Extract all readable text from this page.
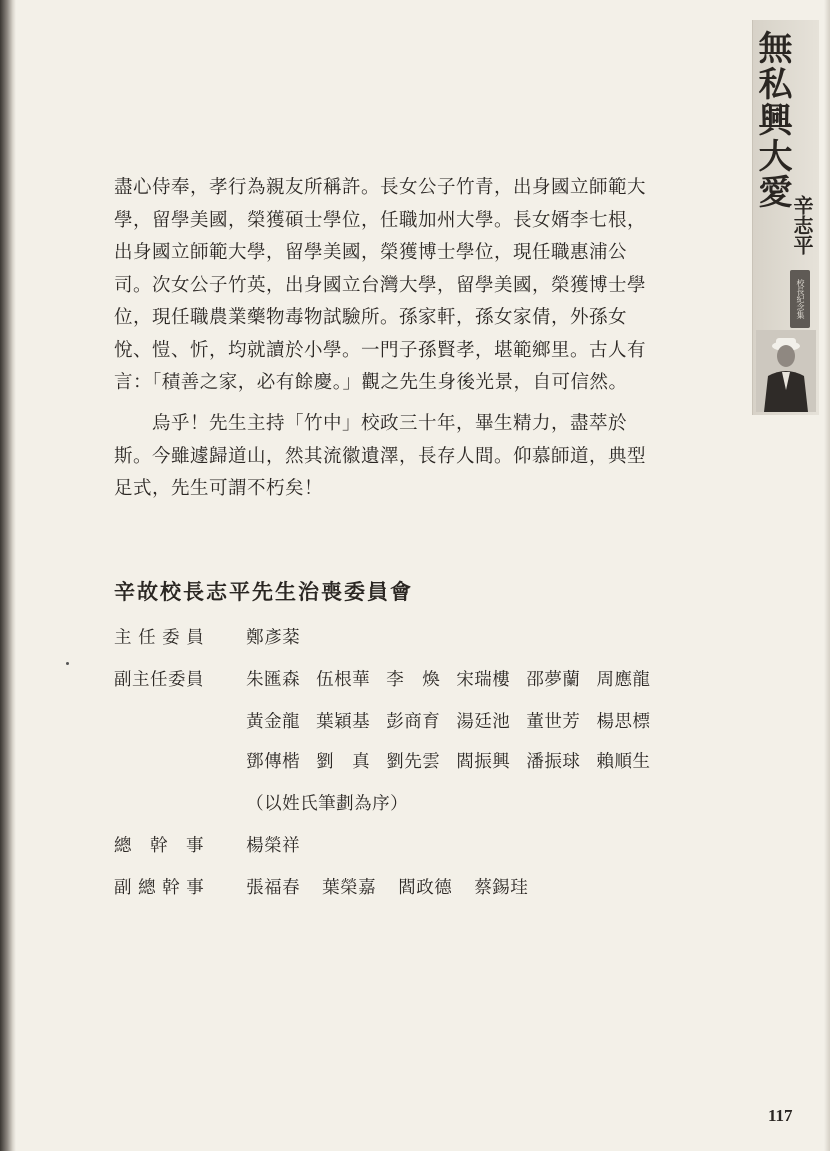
無私興大愛
辛志平
校長紀念集
盡心侍奉，孝行為親友所稱許。長女公子竹青，出身國立師範大
學，留學美國，榮獲碩士學位，任職加州大學。長女婿李七根，
出身國立師範大學，留學美國，榮獲博士學位，現任職惠浦公
司。次女公子竹英，出身國立台灣大學，留學美國，榮獲博士學
位，現任職農業藥物毒物試驗所。孫家軒，孫女家倩，外孫女
悅、愷、忻，均就讀於小學。一門子孫賢孝，堪範鄉里。古人有
言：「積善之家，必有餘慶。」觀之先生身後光景，自可信然。
　　烏乎！先生主持「竹中」校政三十年，畢生精力，盡萃於
斯。今雖遽歸道山，然其流徽遺澤，長存人間。仰慕師道，典型
足式，先生可謂不朽矣！
辛故校長志平先生治喪委員會
主 任 委 員 鄭彥棻
副主任委員 朱匯森 伍根華 李　煥 宋瑞樓 邵夢蘭 周應龍
黃金龍 葉穎基 彭商育 湯廷池 董世芳 楊思標
鄧傳楷 劉　真 劉先雲 閻振興 潘振球 賴順生
（以姓氏筆劃為序）
總　幹　事 楊榮祥
副 總 幹 事 張福春 葉榮嘉 閻政德 蔡錫珪
117
